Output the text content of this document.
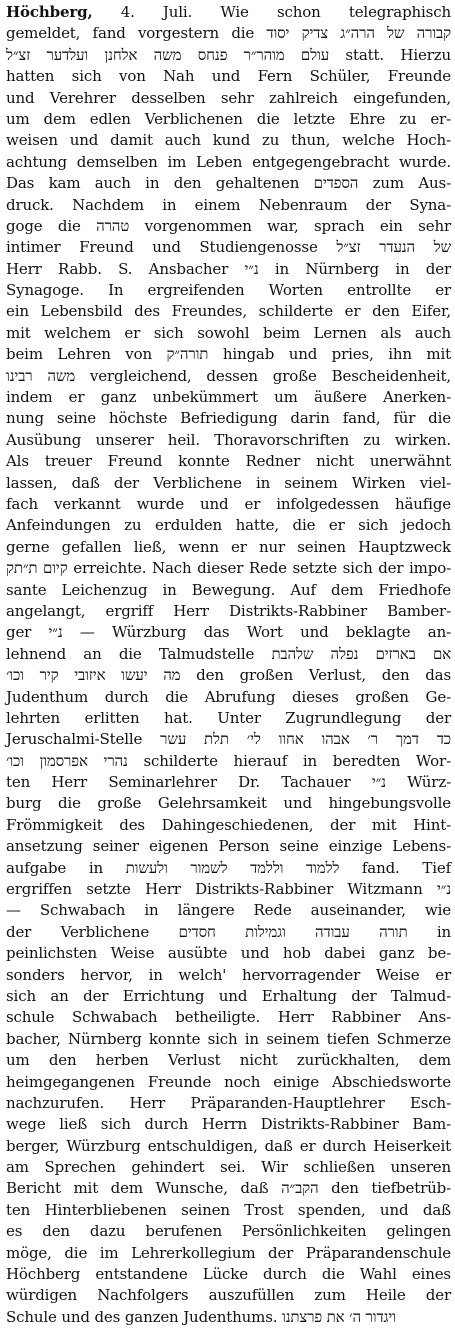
Höchberg, 4. Juli. Wie schon telegraphisch
gemeldet, fand vorgestern die קבורה של הרה״ג צדיק יסוד
עולם מוהר״ר פנחס משה אלחנן ועלדער זצ״ל statt. Hierzu
hatten sich von Nah und Fern Schüler, Freunde
und Verehrer desselben sehr zahlreich eingefunden,
um dem edlen Verblichenen die letzte Ehre zu er-
weisen und damit auch kund zu thun, welche Hoch-
achtung demselben im Leben entgegengebracht wurde.
Das kam auch in den gehaltenen הספדים zum Aus-
druck. Nachdem in einem Nebenraum der Syna-
goge die טהרה vorgenommen war, sprach ein sehr
intimer Freund und Studiengenosse של הנעדר זצ״ל
Herr Rabb. S. Ansbacher נ״י in Nürnberg in der
Synagoge. In ergreifenden Worten entrollte er
ein Lebensbild des Freundes, schilderte er den Eifer,
mit welchem er sich sowohl beim Lernen als auch
beim Lehren von תורה״ק hingab und pries, ihn mit
משה רבינו vergleichend, dessen große Bescheidenheit,
indem er ganz unbekümmert um äußere Anerken-
nung seine höchste Befriedigung darin fand, für die
Ausübung unserer heil. Thoravorschriften zu wirken.
Als treuer Freund konnte Redner nicht unerwähnt
lassen, daß der Verblichene in seinem Wirken viel-
fach verkannt wurde und er infolgedessen häufige
Anfeindungen zu erdulden hatte, die er sich jedoch
gerne gefallen ließ, wenn er nur seinen Hauptzweck
קיום ת״תק erreichte. Nach dieser Rede setzte sich der impo-
sante Leichenzug in Bewegung. Auf dem Friedhofe
angelangt, ergriff Herr Distrikts-Rabbiner Bamber-
ger נ״י — Würzburg das Wort und beklagte an-
lehnend an die Talmudstelle אם בארזים נפלה שלהבת
מה יעשו איזובי קיר וכו׳ den großen Verlust, den das
Judenthum durch die Abrufung dieses großen Ge-
lehrten erlitten hat. Unter Zugrundlegung der
Jeruschalmi-Stelle כד דמך ר׳ אבהו אחוו לי׳ תלת עשר
נהרי אפרסמון וכו׳ schilderte hierauf in beredten Wor-
ten Herr Seminarlehrer Dr. Tachauer נ״י Würz-
burg die große Gelehrsamkeit und hingebungsvolle
Frömmigkeit des Dahingeschiedenen, der mit Hint-
ansetzung seiner eigenen Person seine einzige Lebens-
aufgabe in ללמוד וללמד לשמור ולעשות fand. Tief
ergriffen setzte Herr Distrikts-Rabbiner Witzmann נ״י
— Schwabach in längere Rede auseinander, wie
der Verblichene תורה עבודה וגמילות חסדים in
peinlichsten Weise ausübte und hob dabei ganz be-
sonders hervor, in welch' hervorragender Weise er
sich an der Errichtung und Erhaltung der Talmud-
schule Schwabach betheiligte. Herr Rabbiner Ans-
bacher, Nürnberg konnte sich in seinem tiefen Schmerze
um den herben Verlust nicht zurückhalten, dem
heimgegangenen Freunde noch einige Abschiedsworte
nachzurufen. Herr Präparanden-Hauptlehrer Esch-
wege ließ sich durch Herrn Distrikts-Rabbiner Bam-
berger, Würzburg entschuldigen, daß er durch Heiserkeit
am Sprechen gehindert sei. Wir schließen unseren
Bericht mit dem Wunsche, daß הקב״ה den tiefbetrüb-
ten Hinterbliebenen seinen Trost spenden, und daß
es den dazu berufenen Persönlichkeiten gelingen
möge, die im Lehrerkollegium der Präparandenschule
Höchberg entstandene Lücke durch die Wahl eines
würdigen Nachfolgers auszufüllen zum Heile der
Schule und des ganzen Judenthums. ויגדור ה׳ את פרצתנו
